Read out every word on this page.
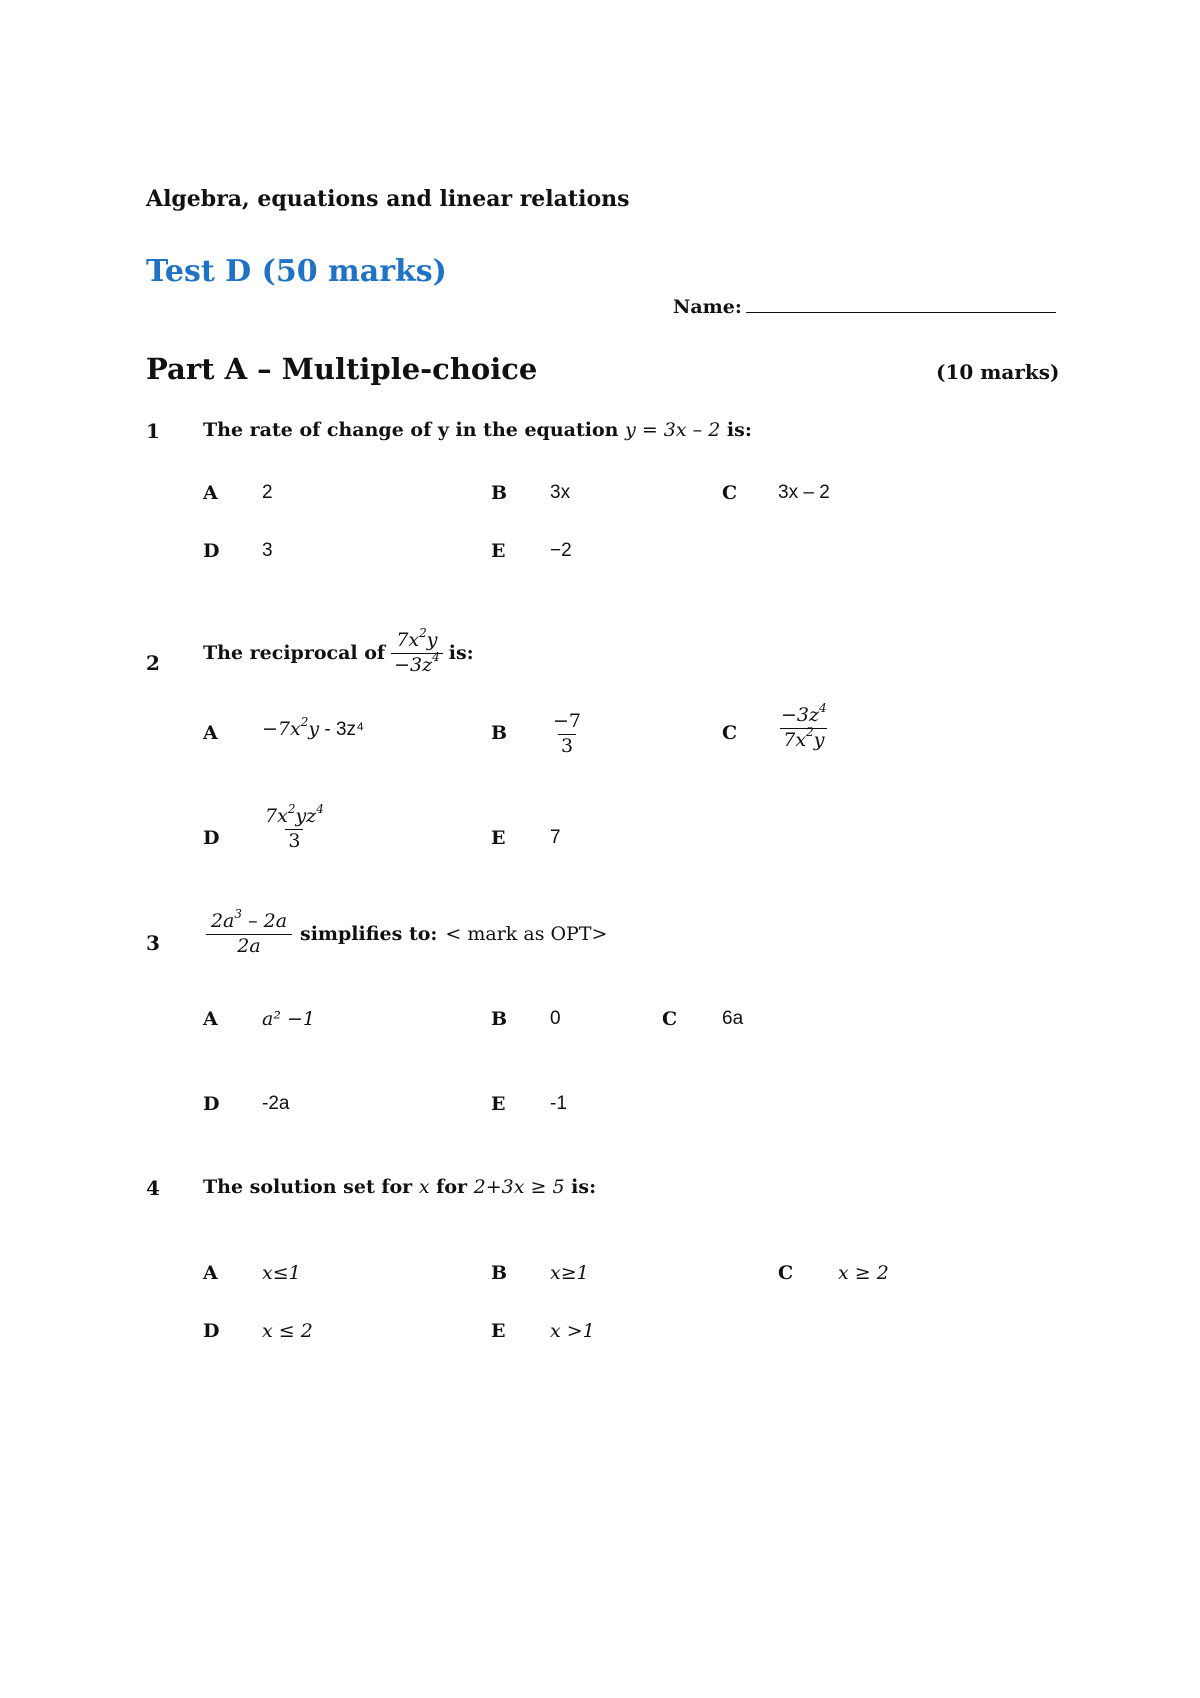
Algebra, equations and linear relations
Test D (50 marks)
Name:
Part A – Multiple-choice	(10 marks)
1 The rate of change of y in the equation y = 3x – 2 is:
A 2	B 3x	C 3x – 2
D 3	E −2
2 The reciprocal of $\frac{7x^2y}{-3z^4}$ is:
$A -7x^2y - 3z^4$	B $\frac{-7}{3}$	C $\frac{-3z^4}{7x^2y}$
D $\frac{7x^2yz^4}{3}$	E 7
$3 \frac{2a^3 - 2a}{2a}$ simplifies to: < mark as OPT>
A a² −1	B 0	C 6a
D -2a	E -1
4 The solution set for x for 2+3x ≥ 5 is:
A x≤1	B x≥1	C x ≥ 2
D x ≤ 2	E x >1
